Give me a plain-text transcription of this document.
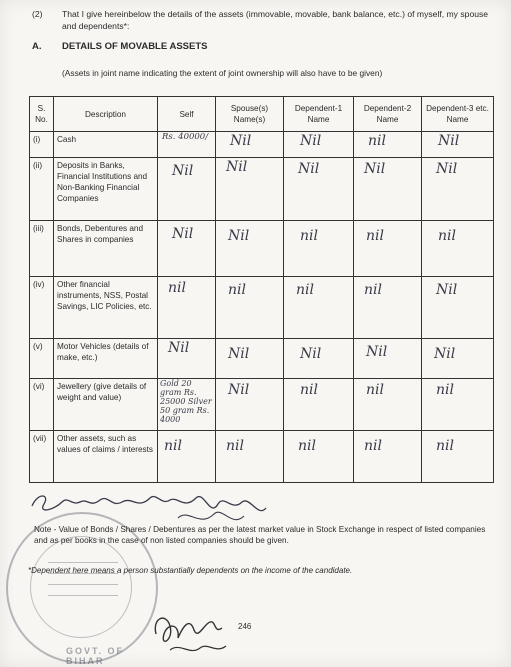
(2) That I give hereinbelow the details of the assets (immovable, movable, bank balance, etc.) of myself, my spouse and dependents*:
A. DETAILS OF MOVABLE ASSETS
(Assets in joint name indicating the extent of joint ownership will also have to be given)
S. No.	Description	Self	Spouse(s) Name(s)	Dependent-1 Name	Dependent-2 Name	Dependent-3 etc. Name
(i)	Cash	Rs. 40000/	Nil	Nil	nil	Nil

(ii)	Deposits in Banks, Financial Institutions and Non-Banking Financial Companies	Nil	Nil	Nil	Nil	Nil

(iii)	Bonds, Debentures and Shares in companies	Nil	Nil	nil	nil	nil

(iv)	Other financial instruments, NSS, Postal Savings, LIC Policies, etc.	nil	nil	nil	nil	Nil

(v)	Motor Vehicles (details of make, etc.)	Nil	Nil	Nil	Nil	Nil

(vi)	Jewellery (give details of weight and value)	Gold 20 gram Rs. 25000 Silver 50 gram Rs. 4000	Nil	nil	nil	nil

(vii)	Other assets, such as values of claims / interests	nil	nil	nil	nil	nil
GOVT. OF BIHAR
Note - Value of Bonds / Shares / Debentures as per the latest market value in Stock Exchange in respect of listed companies and as per books in the case of non listed companies should be given.
*Dependent here means a person substantially dependents on the income of the candidate.
246
